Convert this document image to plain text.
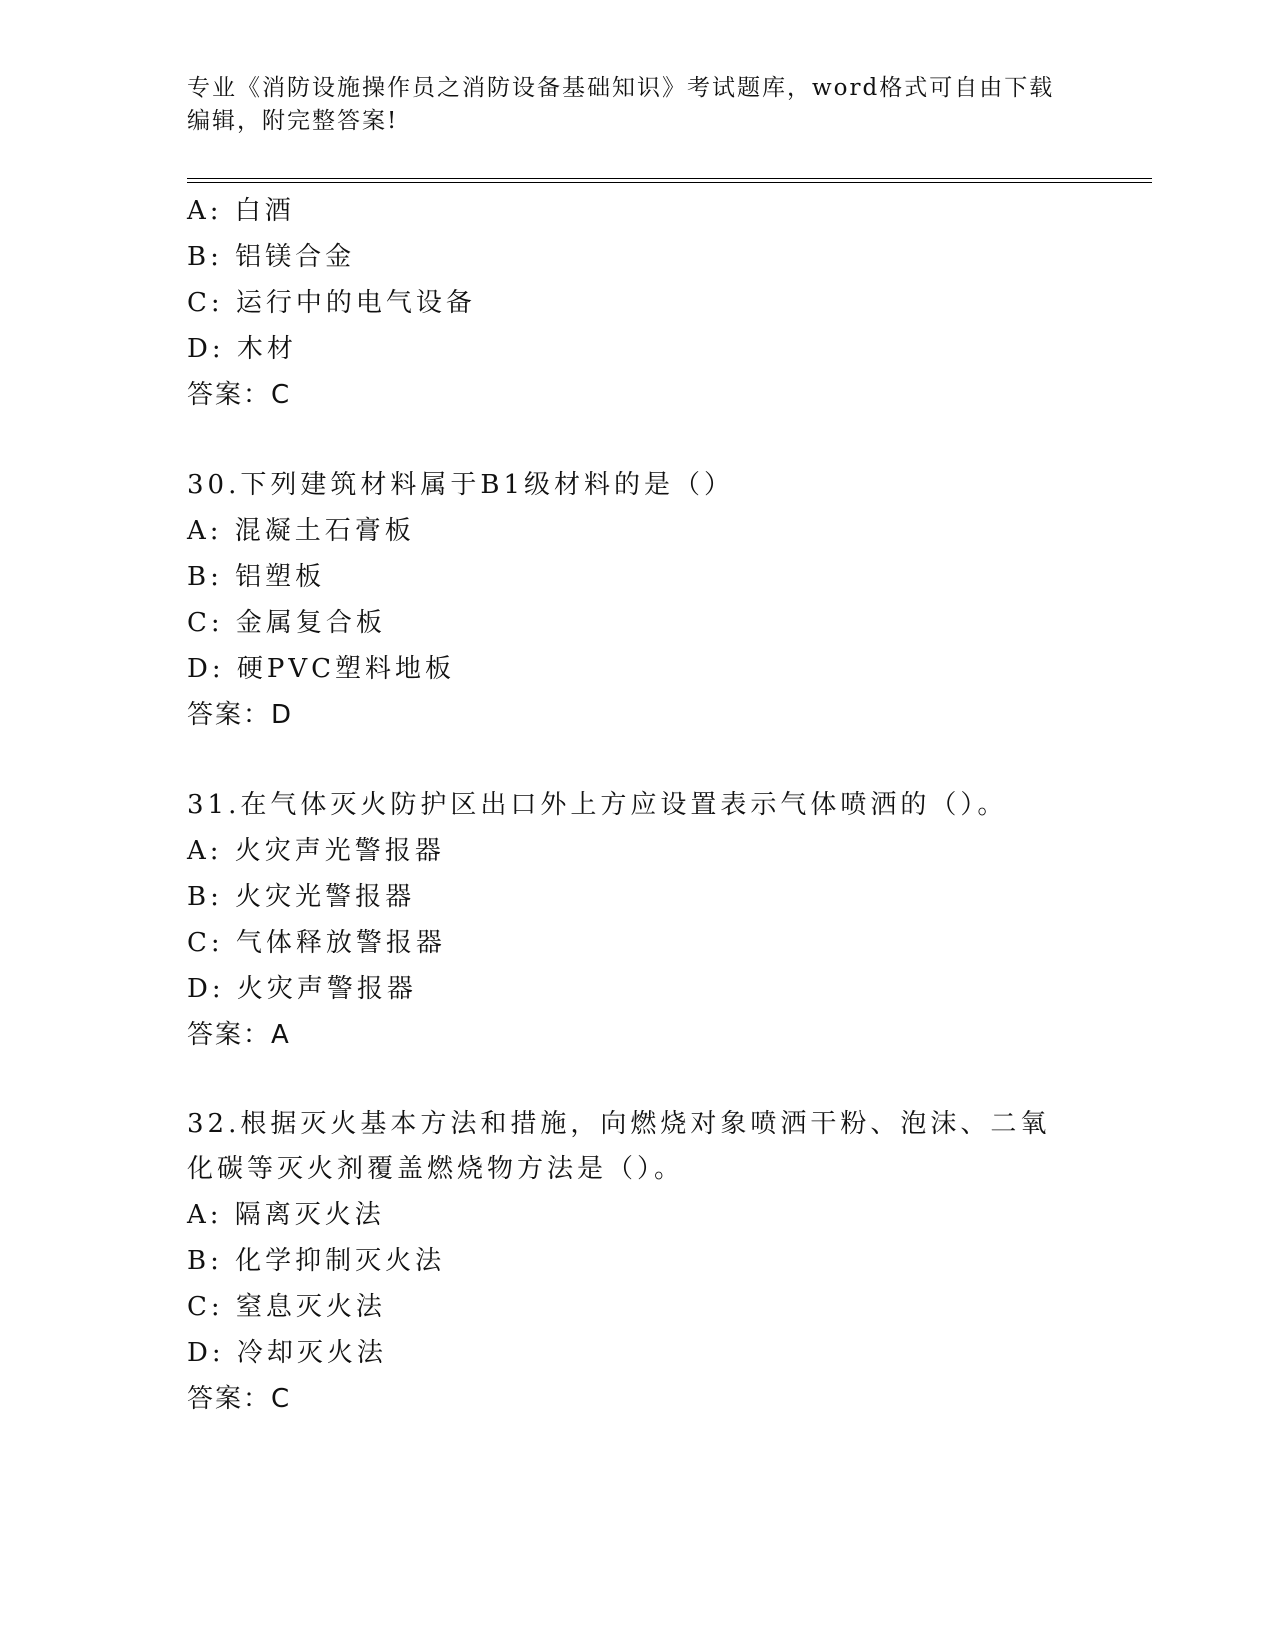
专业《消防设施操作员之消防设备基础知识》考试题库，word格式可自由下载编辑，附完整答案!
A: 白酒
B: 铝镁合金
C: 运行中的电气设备
D: 木材
答案：C
30.下列建筑材料属于B1级材料的是（）
A: 混凝土石膏板
B: 铝塑板
C: 金属复合板
D: 硬PVC塑料地板
答案：D
31.在气体灭火防护区出口外上方应设置表示气体喷洒的（）。
A: 火灾声光警报器
B: 火灾光警报器
C: 气体释放警报器
D: 火灾声警报器
答案：A
32.根据灭火基本方法和措施，向燃烧对象喷洒干粉、泡沫、二氧化碳等灭火剂覆盖燃烧物方法是（）。
A: 隔离灭火法
B: 化学抑制灭火法
C: 窒息灭火法
D: 冷却灭火法
答案：C
